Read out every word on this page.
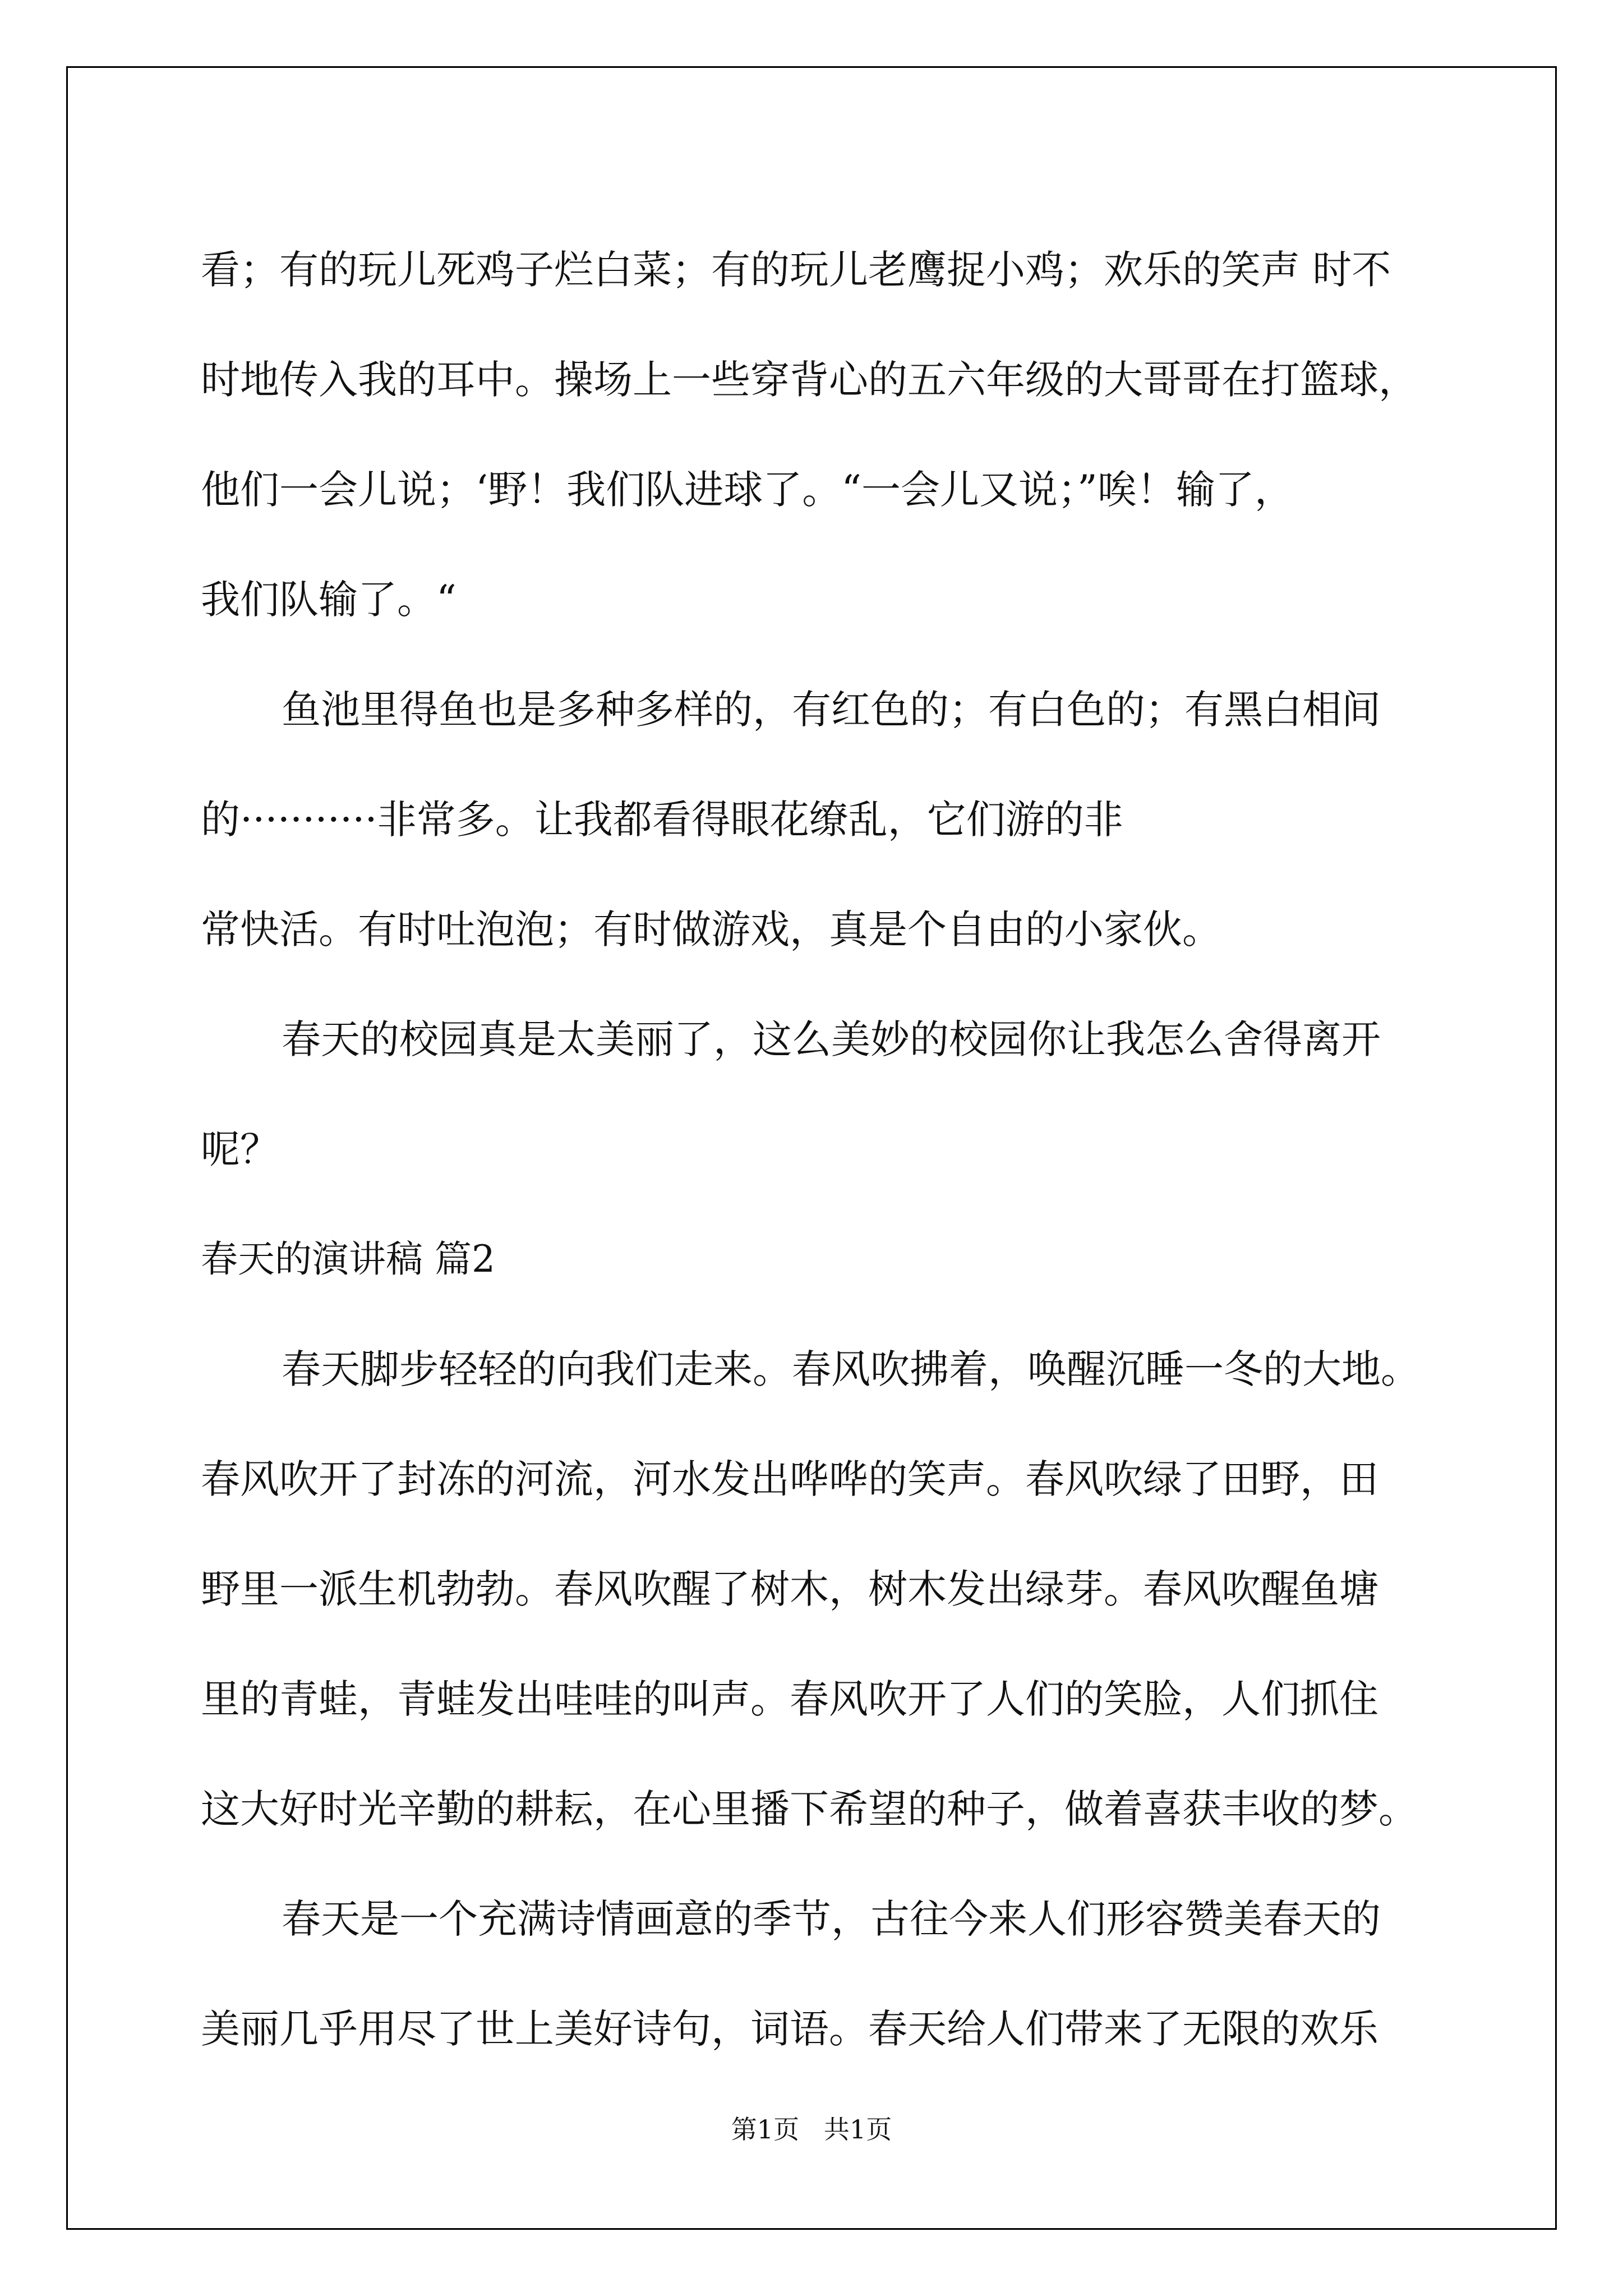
看；有的玩儿死鸡子烂白菜；有的玩儿老鹰捉小鸡；欢乐的笑声 时不
时地传入我的耳中。操场上一些穿背心的五六年级的大哥哥在打篮球，
他们一会儿说；‘野！我们队进球了。“一会儿又说；”唉！输了，
我们队输了。“
鱼池里得鱼也是多种多样的，有红色的；有白色的；有黑白相间
的···········非常多。让我都看得眼花缭乱，它们游的非
常快活。有时吐泡泡；有时做游戏，真是个自由的小家伙。
春天的校园真是太美丽了，这么美妙的校园你让我怎么舍得离开
呢？
春天的演讲稿 篇2
春天脚步轻轻的向我们走来。春风吹拂着，唤醒沉睡一冬的大地。
春风吹开了封冻的河流，河水发出哗哗的笑声。春风吹绿了田野，田
野里一派生机勃勃。春风吹醒了树木，树木发出绿芽。春风吹醒鱼塘
里的青蛙，青蛙发出哇哇的叫声。春风吹开了人们的笑脸，人们抓住
这大好时光辛勤的耕耘，在心里播下希望的种子，做着喜获丰收的梦。
春天是一个充满诗情画意的季节，古往今来人们形容赞美春天的
美丽几乎用尽了世上美好诗句，词语。春天给人们带来了无限的欢乐
第1页   共1页
